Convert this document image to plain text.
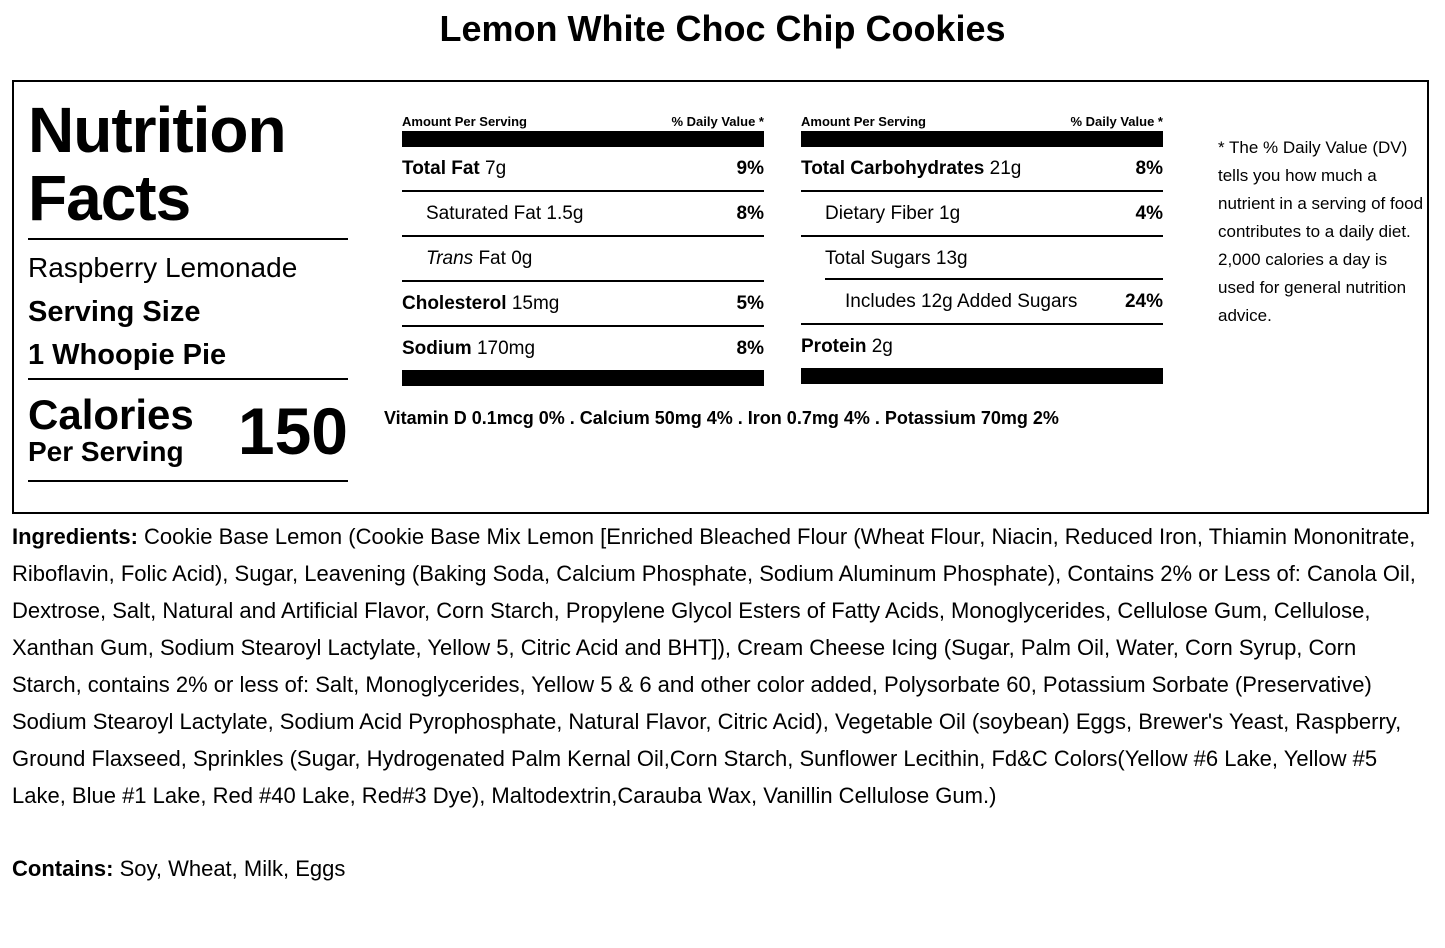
Lemon White Choc Chip Cookies
Nutrition
Facts
Raspberry Lemonade
Serving Size
1 Whoopie Pie
Calories
Per Serving 150
Amount Per Serving	% Daily Value *
Total Fat 7g	9%
Saturated Fat 1.5g	8%
Trans Fat 0g
Cholesterol 15mg	5%
Sodium 170mg	8%
Amount Per Serving	% Daily Value *
Total Carbohydrates 21g	8%
Dietary Fiber 1g	4%
Total Sugars 13g
Includes 12g Added Sugars	24%
Protein 2g
Vitamin D 0.1mcg 0% . Calcium 50mg 4% . Iron 0.7mg 4% . Potassium 70mg 2%
* The % Daily Value (DV) tells you how much a nutrient in a serving of food contributes to a daily diet. 2,000 calories a day is used for general nutrition advice.
Ingredients: Cookie Base Lemon (Cookie Base Mix Lemon [Enriched Bleached Flour (Wheat Flour, Niacin, Reduced Iron, Thiamin Mononitrate, Riboflavin, Folic Acid), Sugar, Leavening (Baking Soda, Calcium Phosphate, Sodium Aluminum Phosphate), Contains 2% or Less of: Canola Oil, Dextrose, Salt, Natural and Artificial Flavor, Corn Starch, Propylene Glycol Esters of Fatty Acids, Monoglycerides, Cellulose Gum, Cellulose, Xanthan Gum, Sodium Stearoyl Lactylate, Yellow 5, Citric Acid and BHT]), Cream Cheese Icing (Sugar, Palm Oil, Water, Corn Syrup, Corn Starch, contains 2% or less of: Salt, Monoglycerides, Yellow 5 & 6 and other color added, Polysorbate 60, Potassium Sorbate (Preservative) Sodium Stearoyl Lactylate, Sodium Acid Pyrophosphate, Natural Flavor, Citric Acid), Vegetable Oil (soybean) Eggs, Brewer's Yeast, Raspberry, Ground Flaxseed, Sprinkles (Sugar, Hydrogenated Palm Kernal Oil,Corn Starch, Sunflower Lecithin, Fd&C Colors(Yellow #6 Lake, Yellow #5 Lake, Blue #1 Lake, Red #40 Lake, Red#3 Dye), Maltodextrin,Carauba Wax, Vanillin Cellulose Gum.)
Contains: Soy, Wheat, Milk, Eggs
